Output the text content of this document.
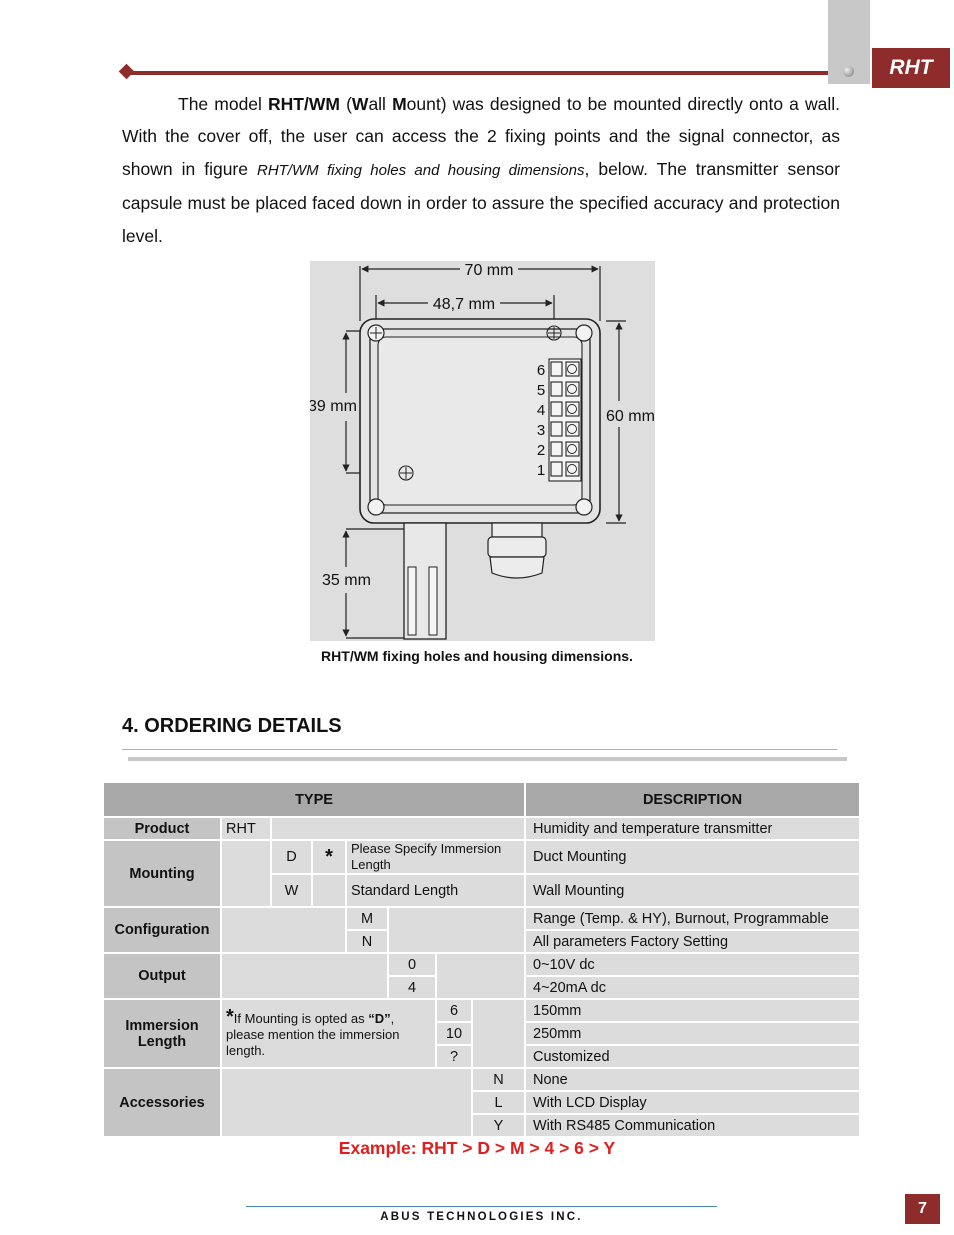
RHT

The model RHT/WM (Wall Mount) was designed to be mounted directly onto a wall. With the cover off, the user can access the 2 fixing points and the signal connector, as shown in figure RHT/WM fixing holes and housing dimensions, below. The transmitter sensor capsule must be placed faced down in order to assure the specified accuracy and protection level.

70 mm
48,7 mm
39 mm
60 mm
35 mm
6
5
4
3
2
1
RHT/WM fixing holes and housing dimensions.
4. ORDERING DETAILS
TYPE								DESCRIPTION
Product	RHT							Humidity and temperature transmitter
Mounting		D	*	Please Specify Immersion Length				Duct Mounting
		W		Standard Length				Wall Mounting
Configuration				M				Range (Temp. & HY), Burnout, Programmable
				N				All parameters Factory Setting
Output					0			0~10V dc
					4			4~20mA dc
Immersion Length	*If Mounting is opted as “D”, please mention the immersion length.					6		150mm
						10		250mm
						?		Customized
Accessories							N	None
							L	With LCD Display
							Y	With RS485 Communication
Example: RHT > D > M > 4 > 6 > Y
ABUS TECHNOLOGIES INC.	7
